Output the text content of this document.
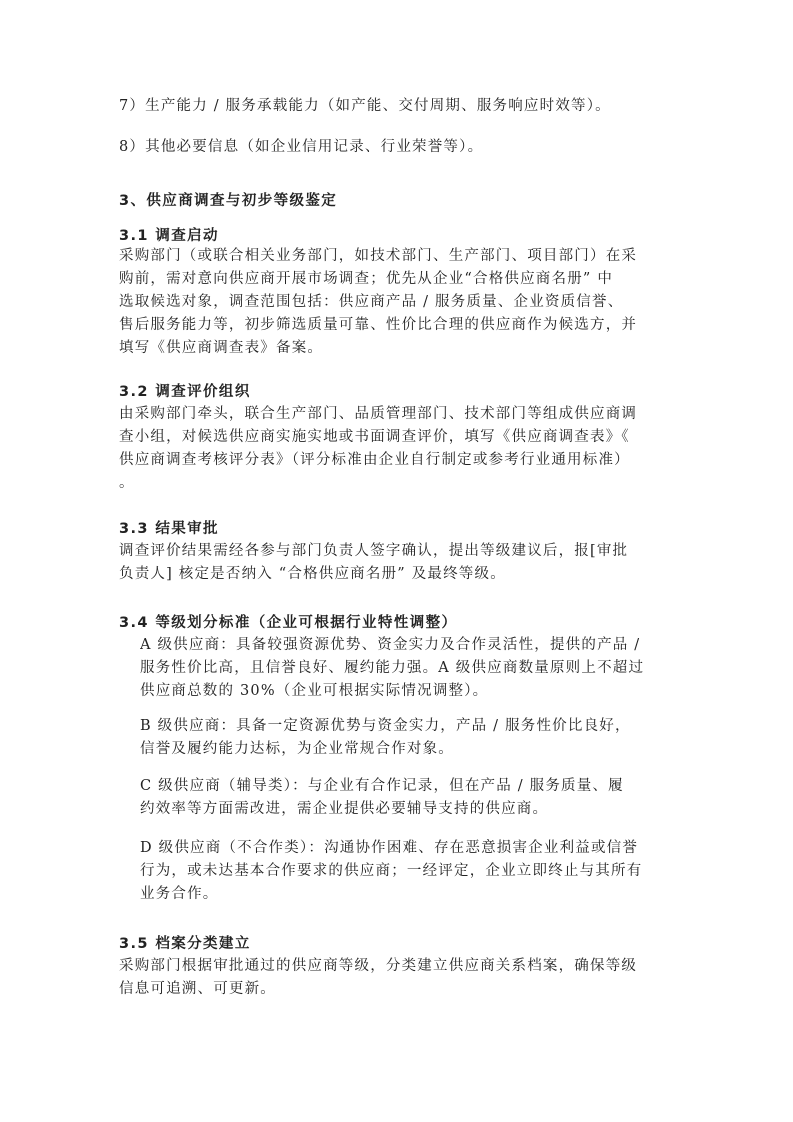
7）生产能力 / 服务承载能力（如产能、交付周期、服务响应时效等）。
8）其他必要信息（如企业信用记录、行业荣誉等）。
3、供应商调查与初步等级鉴定
3.1 调查启动
采购部门（或联合相关业务部门，如技术部门、生产部门、项目部门）在采
购前，需对意向供应商开展市场调查；优先从企业“合格供应商名册” 中
选取候选对象，调查范围包括：供应商产品 / 服务质量、企业资质信誉、
售后服务能力等，初步筛选质量可靠、性价比合理的供应商作为候选方，并
填写《供应商调查表》备案。
3.2 调查评价组织
由采购部门牵头，联合生产部门、品质管理部门、技术部门等组成供应商调
查小组，对候选供应商实施实地或书面调查评价，填写《供应商调查表》《
供应商调查考核评分表》（评分标准由企业自行制定或参考行业通用标准）
。
3.3 结果审批
调查评价结果需经各参与部门负责人签字确认，提出等级建议后，报[审批
负责人] 核定是否纳入 “合格供应商名册” 及最终等级。
3.4 等级划分标准（企业可根据行业特性调整）
A 级供应商：具备较强资源优势、资金实力及合作灵活性，提供的产品 /
服务性价比高，且信誉良好、履约能力强。A 级供应商数量原则上不超过
供应商总数的 30%（企业可根据实际情况调整）。
B 级供应商：具备一定资源优势与资金实力，产品 / 服务性价比良好，
信誉及履约能力达标，为企业常规合作对象。
C 级供应商（辅导类）：与企业有合作记录，但在产品 / 服务质量、履
约效率等方面需改进，需企业提供必要辅导支持的供应商。
D 级供应商（不合作类）：沟通协作困难、存在恶意损害企业利益或信誉
行为，或未达基本合作要求的供应商；一经评定，企业立即终止与其所有
业务合作。
3.5 档案分类建立
采购部门根据审批通过的供应商等级，分类建立供应商关系档案，确保等级
信息可追溯、可更新。
